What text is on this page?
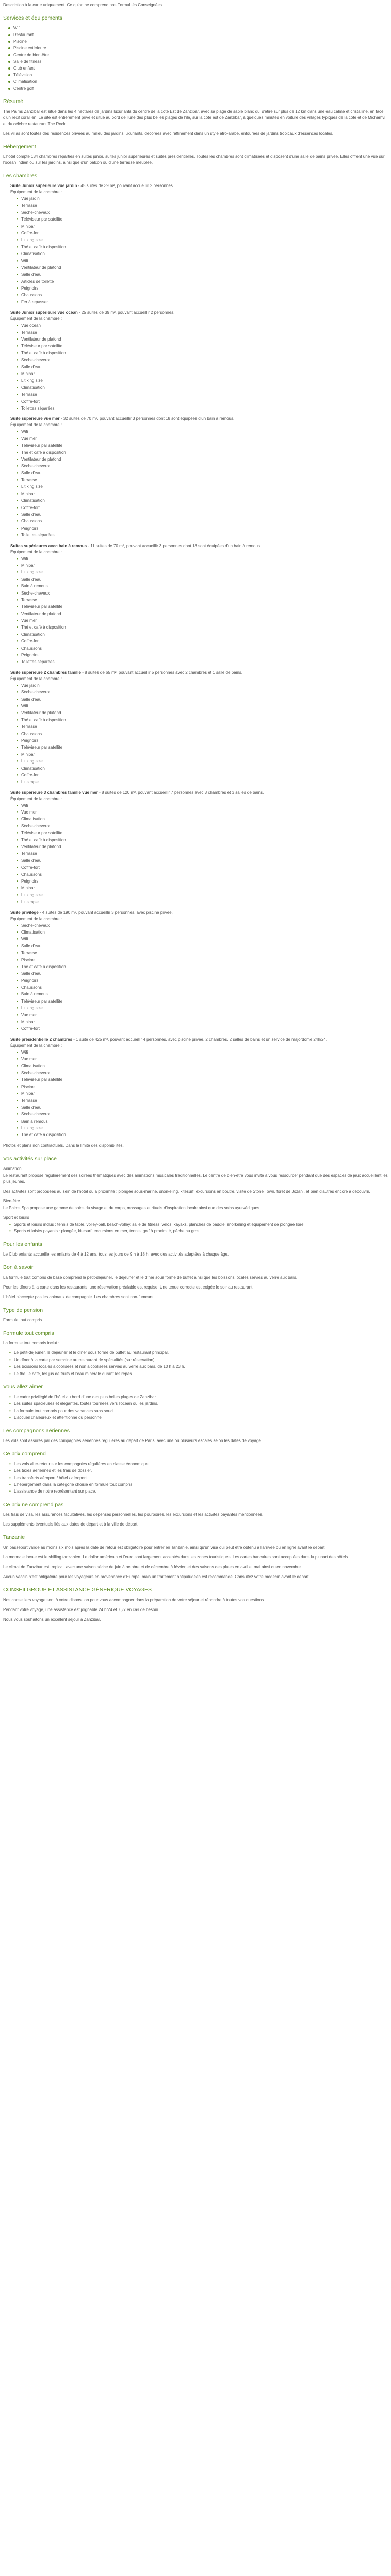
Description à la carte uniquement. Ce qu'on ne comprend pas Formalités Conseignées

Services et équipements
Wifi
Restaurant
Piscine
Piscine extérieure
Centre de bien-être
Salle de fitness
Club enfant
Télévision
Climatisation
Centre golf
Résumé

The Palms Zanzibar est situé dans les 4 hectares de jardins luxuriants du centre de la côte Est de Zanzibar, avec sa plage de sable blanc qui s'étire sur plus de 12 km dans une eau calme et cristalline, en face d'un récif corallien. Le site est entièrement privé et situé au bord de l'une des plus belles plages de l'île, sur la côte est de Zanzibar, à quelques minutes en voiture des villages typiques de la côte et de Michamvi et du célèbre restaurant The Rock.

Les villas sont toutes des résidences privées au milieu des jardins luxuriants, décorées avec raffinement dans un style afro-arabe, entourées de jardins tropicaux d'essences locales.

Hébergement

L'hôtel compte 134 chambres réparties en suites junior, suites junior supérieures et suites présidentielles. Toutes les chambres sont climatisées et disposent d'une salle de bains privée. Elles offrent une vue sur l'océan Indien ou sur les jardins, ainsi que d'un balcon ou d'une terrasse meublée.

Les chambres

Suite Junior supérieure vue jardin - 45 suites de 39 m², pouvant accueillir 2 personnes.

Équipement de la chambre :

• Vue jardin
• Terrasse
• Sèche-cheveux
• Téléviseur par satellite
• Minibar
• Coffre-fort
• Lit king size
• Thé et café à disposition
• Climatisation
• Wifi
• Ventilateur de plafond
• Salle d'eau
• Articles de toilette
• Peignoirs
• Chaussons
• Fer à repasser

Suite Junior supérieure vue océan - 25 suites de 39 m², pouvant accueillir 2 personnes.

Équipement de la chambre :

• Vue océan
• Terrasse
• Ventilateur de plafond
• Téléviseur par satellite
• Thé et café à disposition
• Sèche-cheveux
• Salle d'eau
• Minibar
• Lit king size
• Climatisation
• Terrasse
• Coffre-fort
• Toilettes séparées

Suite supérieure vue mer - 32 suites de 70 m², pouvant accueillir 3 personnes dont 18 sont équipées d'un bain à remous.

Équipement de la chambre :

• Wifi
• Vue mer
• Téléviseur par satellite
• Thé et café à disposition
• Ventilateur de plafond
• Sèche-cheveux
• Salle d'eau
• Terrasse
• Lit king size
• Minibar
• Climatisation
• Coffre-fort
• Salle d'eau
• Chaussons
• Peignoirs
• Toilettes séparées

Suites supérieures avec bain à remous - 11 suites de 70 m², pouvant accueillir 3 personnes dont 18 sont équipées d'un bain à remous.

Équipement de la chambre :

• Wifi
• Minibar
• Lit king size
• Salle d'eau
• Bain à remous
• Sèche-cheveux
• Terrasse
• Téléviseur par satellite
• Ventilateur de plafond
• Vue mer
• Thé et café à disposition
• Climatisation
• Coffre-fort
• Chaussons
• Peignoirs
• Toilettes séparées

Suite supérieure 2 chambres famille - 8 suites de 65 m², pouvant accueillir 5 personnes avec 2 chambres et 1 salle de bains.

Équipement de la chambre :

• Vue jardin
• Sèche-cheveux
• Salle d'eau
• Wifi
• Ventilateur de plafond
• Thé et café à disposition
• Terrasse
• Chaussons
• Peignoirs
• Téléviseur par satellite
• Minibar
• Lit king size
• Climatisation
• Coffre-fort
• Lit simple

Suite supérieure 3 chambres famille vue mer - 8 suites de 120 m², pouvant accueillir 7 personnes avec 3 chambres et 3 salles de bains.

Équipement de la chambre :

• Wifi
• Vue mer
• Climatisation
• Sèche-cheveux
• Téléviseur par satellite
• Thé et café à disposition
• Ventilateur de plafond
• Terrasse
• Salle d'eau
• Coffre-fort
• Chaussons
• Peignoirs
• Minibar
• Lit king size
• Lit simple

Suite privilège - 4 suites de 190 m², pouvant accueillir 3 personnes, avec piscine privée.

Équipement de la chambre :

• Sèche-cheveux
• Climatisation
• Wifi
• Salle d'eau
• Terrasse
• Piscine
• Thé et café à disposition
• Salle d'eau
• Peignoirs
• Chaussons
• Bain à remous
• Téléviseur par satellite
• Lit king size
• Vue mer
• Minibar
• Coffre-fort

Suite présidentielle 2 chambres - 1 suite de 425 m², pouvant accueillir 4 personnes, avec piscine privée, 2 chambres, 2 salles de bains et un service de majordome 24h/24.

Équipement de la chambre :

• Wifi
• Vue mer
• Climatisation
• Sèche-cheveux
• Téléviseur par satellite
• Piscine
• Minibar
• Terrasse
• Salle d'eau
• Sèche-cheveux
• Bain à remous
• Lit king size
• Thé et café à disposition

Photos et plans non contractuels. Dans la limite des disponibilités.

Vos activités sur place

Animation

Le restaurant propose régulièrement des soirées thématiques avec des animations musicales traditionnelles. Le centre de bien-être vous invite à vous ressourcer pendant que des espaces de jeux accueillent les plus jeunes.

Des activités sont proposées au sein de l'hôtel ou à proximité : plongée sous-marine, snorkeling, kitesurf, excursions en boutre, visite de Stone Town, forêt de Jozani, et bien d'autres encore à découvrir.

Bien-être

Le Palms Spa propose une gamme de soins du visage et du corps, massages et rituels d'inspiration locale ainsi que des soins ayurvédiques.

Sport et loisirs

• Sports et loisirs inclus : tennis de table, volley-ball, beach-volley, salle de fitness, vélos, kayaks, planches de paddle, snorkeling et équipement de plongée libre.
• Sports et loisirs payants : plongée, kitesurf, excursions en mer, tennis, golf à proximité, pêche au gros.
Pour les enfants

Le Club enfants accueille les enfants de 4 à 12 ans, tous les jours de 9 h à 18 h, avec des activités adaptées à chaque âge.

Bon à savoir

La formule tout compris de base comprend le petit-déjeuner, le déjeuner et le dîner sous forme de buffet ainsi que les boissons locales servies au verre aux bars.

Pour les dîners à la carte dans les restaurants, une réservation préalable est requise. Une tenue correcte est exigée le soir au restaurant.

L'hôtel n'accepte pas les animaux de compagnie. Les chambres sont non-fumeurs.

Type de pension

Formule tout compris.

Formule tout compris

La formule tout compris inclut :

• Le petit-déjeuner, le déjeuner et le dîner sous forme de buffet au restaurant principal.
• Un dîner à la carte par semaine au restaurant de spécialités (sur réservation).
• Les boissons locales alcoolisées et non alcoolisées servies au verre aux bars, de 10 h à 23 h.
• Le thé, le café, les jus de fruits et l'eau minérale durant les repas.
Vous allez aimer
• Le cadre privilégié de l'hôtel au bord d'une des plus belles plages de Zanzibar.
• Les suites spacieuses et élégantes, toutes tournées vers l'océan ou les jardins.
• La formule tout compris pour des vacances sans souci.
• L'accueil chaleureux et attentionné du personnel.
Les compagnons aériennes

Les vols sont assurés par des compagnies aériennes régulières au départ de Paris, avec une ou plusieurs escales selon les dates de voyage.

Ce prix comprend
• Les vols aller-retour sur les compagnies régulières en classe économique.
• Les taxes aériennes et les frais de dossier.
• Les transferts aéroport / hôtel / aéroport.
• L'hébergement dans la catégorie choisie en formule tout compris.
• L'assistance de notre représentant sur place.
Ce prix ne comprend pas

Les frais de visa, les assurances facultatives, les dépenses personnelles, les pourboires, les excursions et les activités payantes mentionnées.

Les suppléments éventuels liés aux dates de départ et à la ville de départ.

Tanzanie

Un passeport valide au moins six mois après la date de retour est obligatoire pour entrer en Tanzanie, ainsi qu'un visa qui peut être obtenu à l'arrivée ou en ligne avant le départ.

La monnaie locale est le shilling tanzanien. Le dollar américain et l'euro sont largement acceptés dans les zones touristiques. Les cartes bancaires sont acceptées dans la plupart des hôtels.

Le climat de Zanzibar est tropical, avec une saison sèche de juin à octobre et de décembre à février, et des saisons des pluies en avril et mai ainsi qu'en novembre.

Aucun vaccin n'est obligatoire pour les voyageurs en provenance d'Europe, mais un traitement antipaludéen est recommandé. Consultez votre médecin avant le départ.

CONSEILGROUP ET ASSISTANCE GÉNÉRIQUE VOYAGES

Nos conseillers voyage sont à votre disposition pour vous accompagner dans la préparation de votre séjour et répondre à toutes vos questions.

Pendant votre voyage, une assistance est joignable 24 h/24 et 7 j/7 en cas de besoin.

Nous vous souhaitons un excellent séjour à Zanzibar.
